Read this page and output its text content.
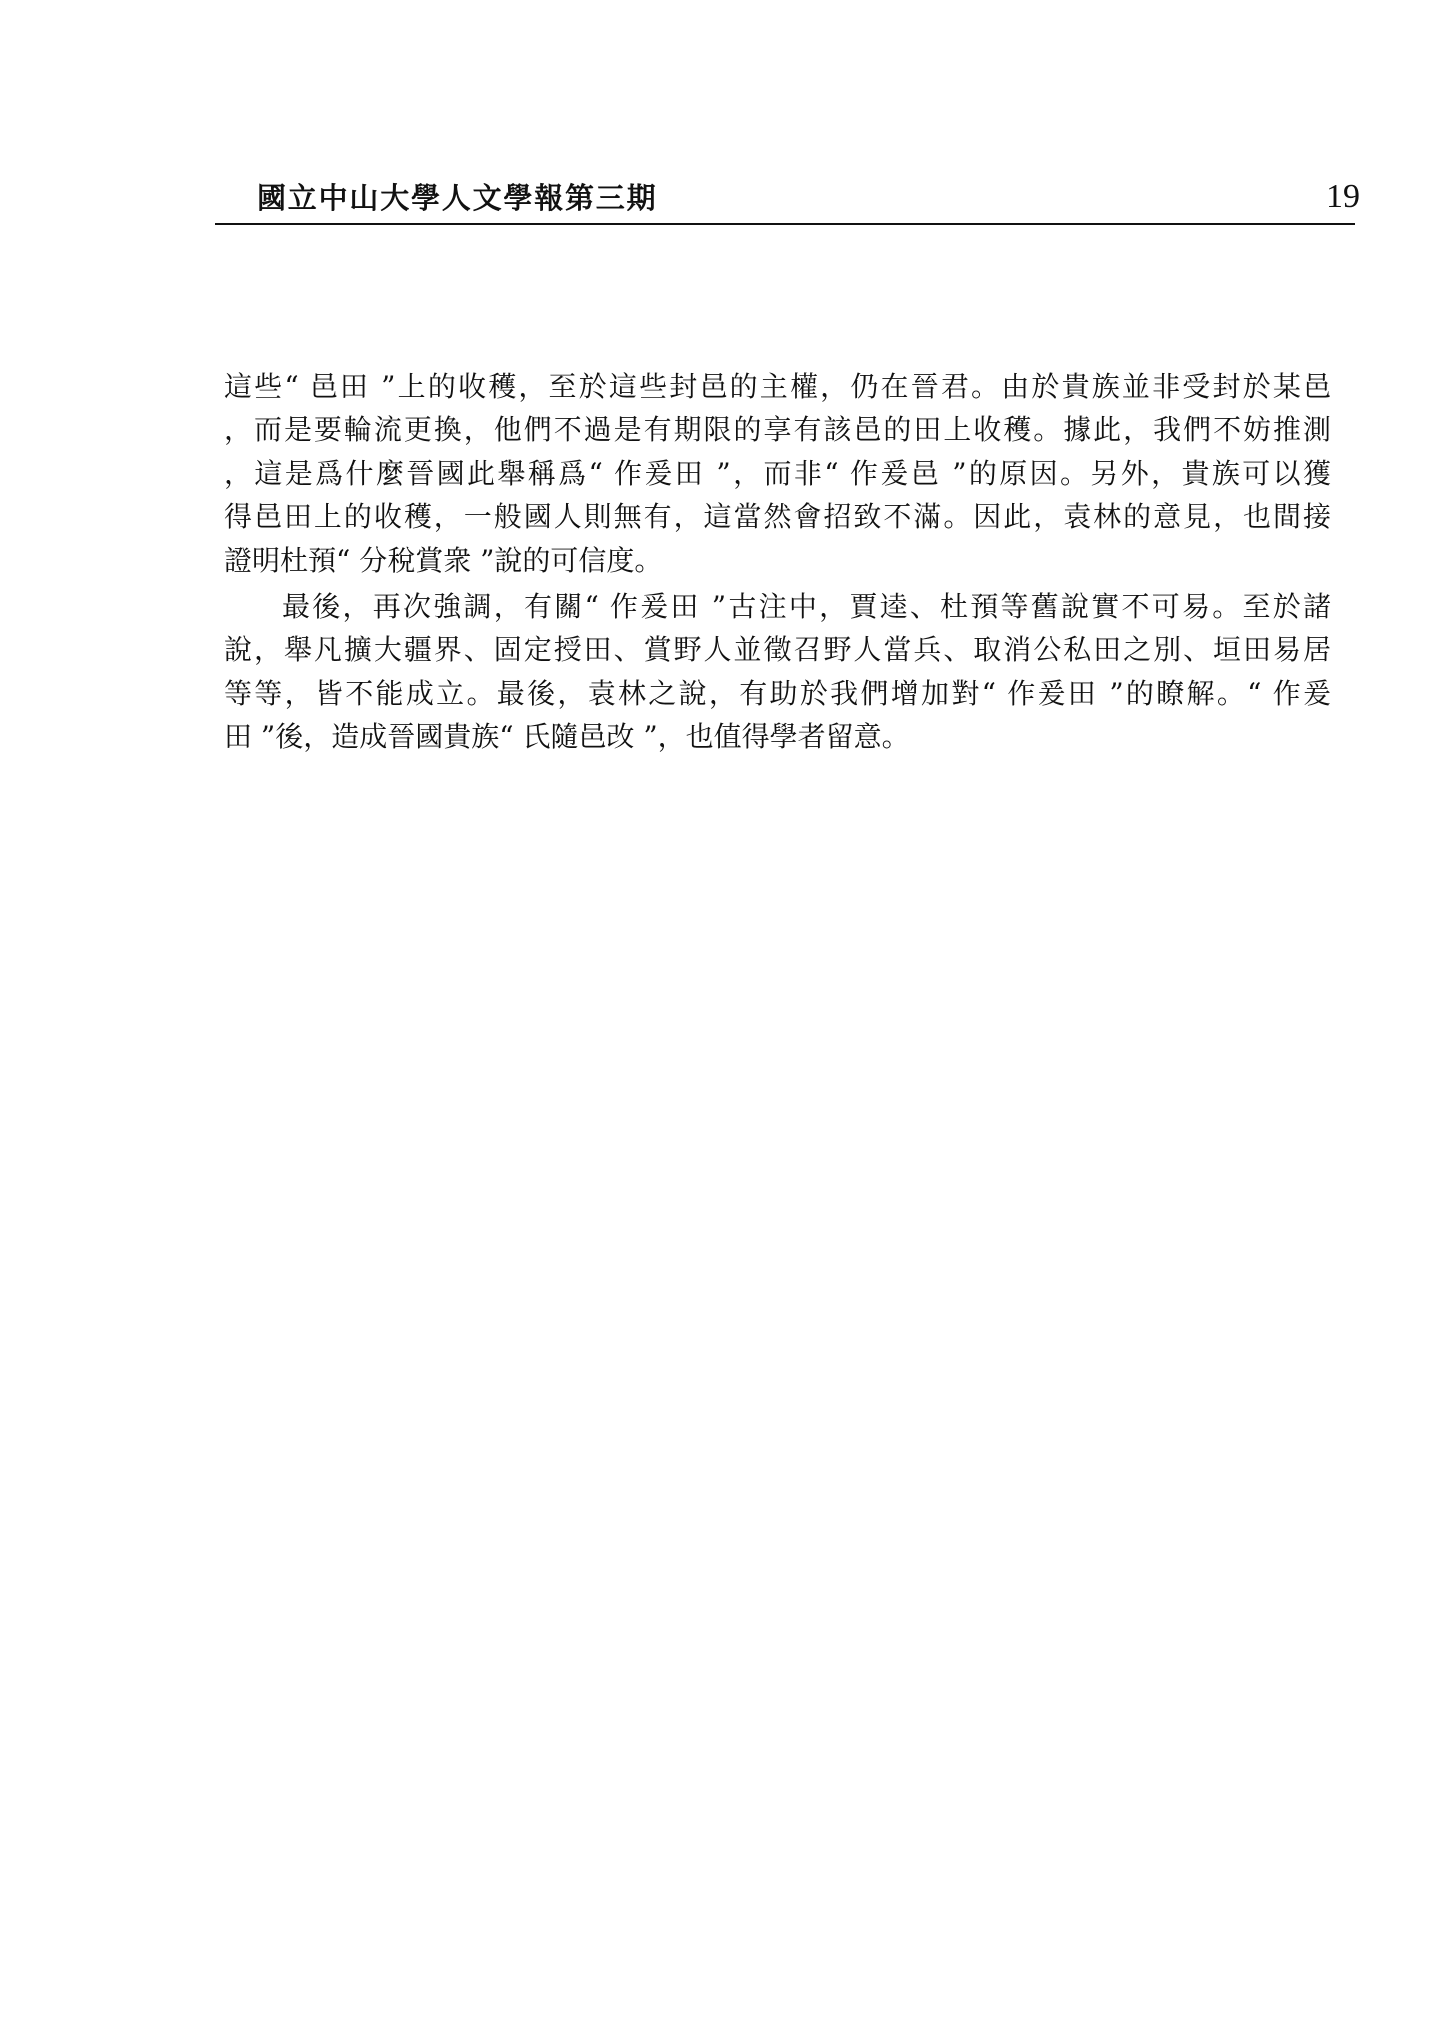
國立中山大學人文學報第三期	19
這些“ 邑田 ”上的收穫，至於這些封邑的主權，仍在晉君。由於貴族並非受封於某邑
，而是要輪流更換，他們不過是有期限的享有該邑的田上收穫。據此，我們不妨推測
，這是爲什麼晉國此舉稱爲“ 作爰田 ”，而非“ 作爰邑 ”的原因。另外，貴族可以獲
得邑田上的收穫，一般國人則無有，這當然會招致不滿。因此，袁林的意見，也間接
證明杜預“ 分稅賞衆 ”說的可信度。
最後，再次強調，有關“ 作爰田 ”古注中，賈逵、杜預等舊說實不可易。至於諸
說，舉凡擴大疆界、固定授田、賞野人並徵召野人當兵、取消公私田之別、垣田易居
等等，皆不能成立。最後，袁林之說，有助於我們增加對“ 作爰田 ”的瞭解。“ 作爰
田 ”後，造成晉國貴族“ 氏隨邑改 ”，也值得學者留意。
